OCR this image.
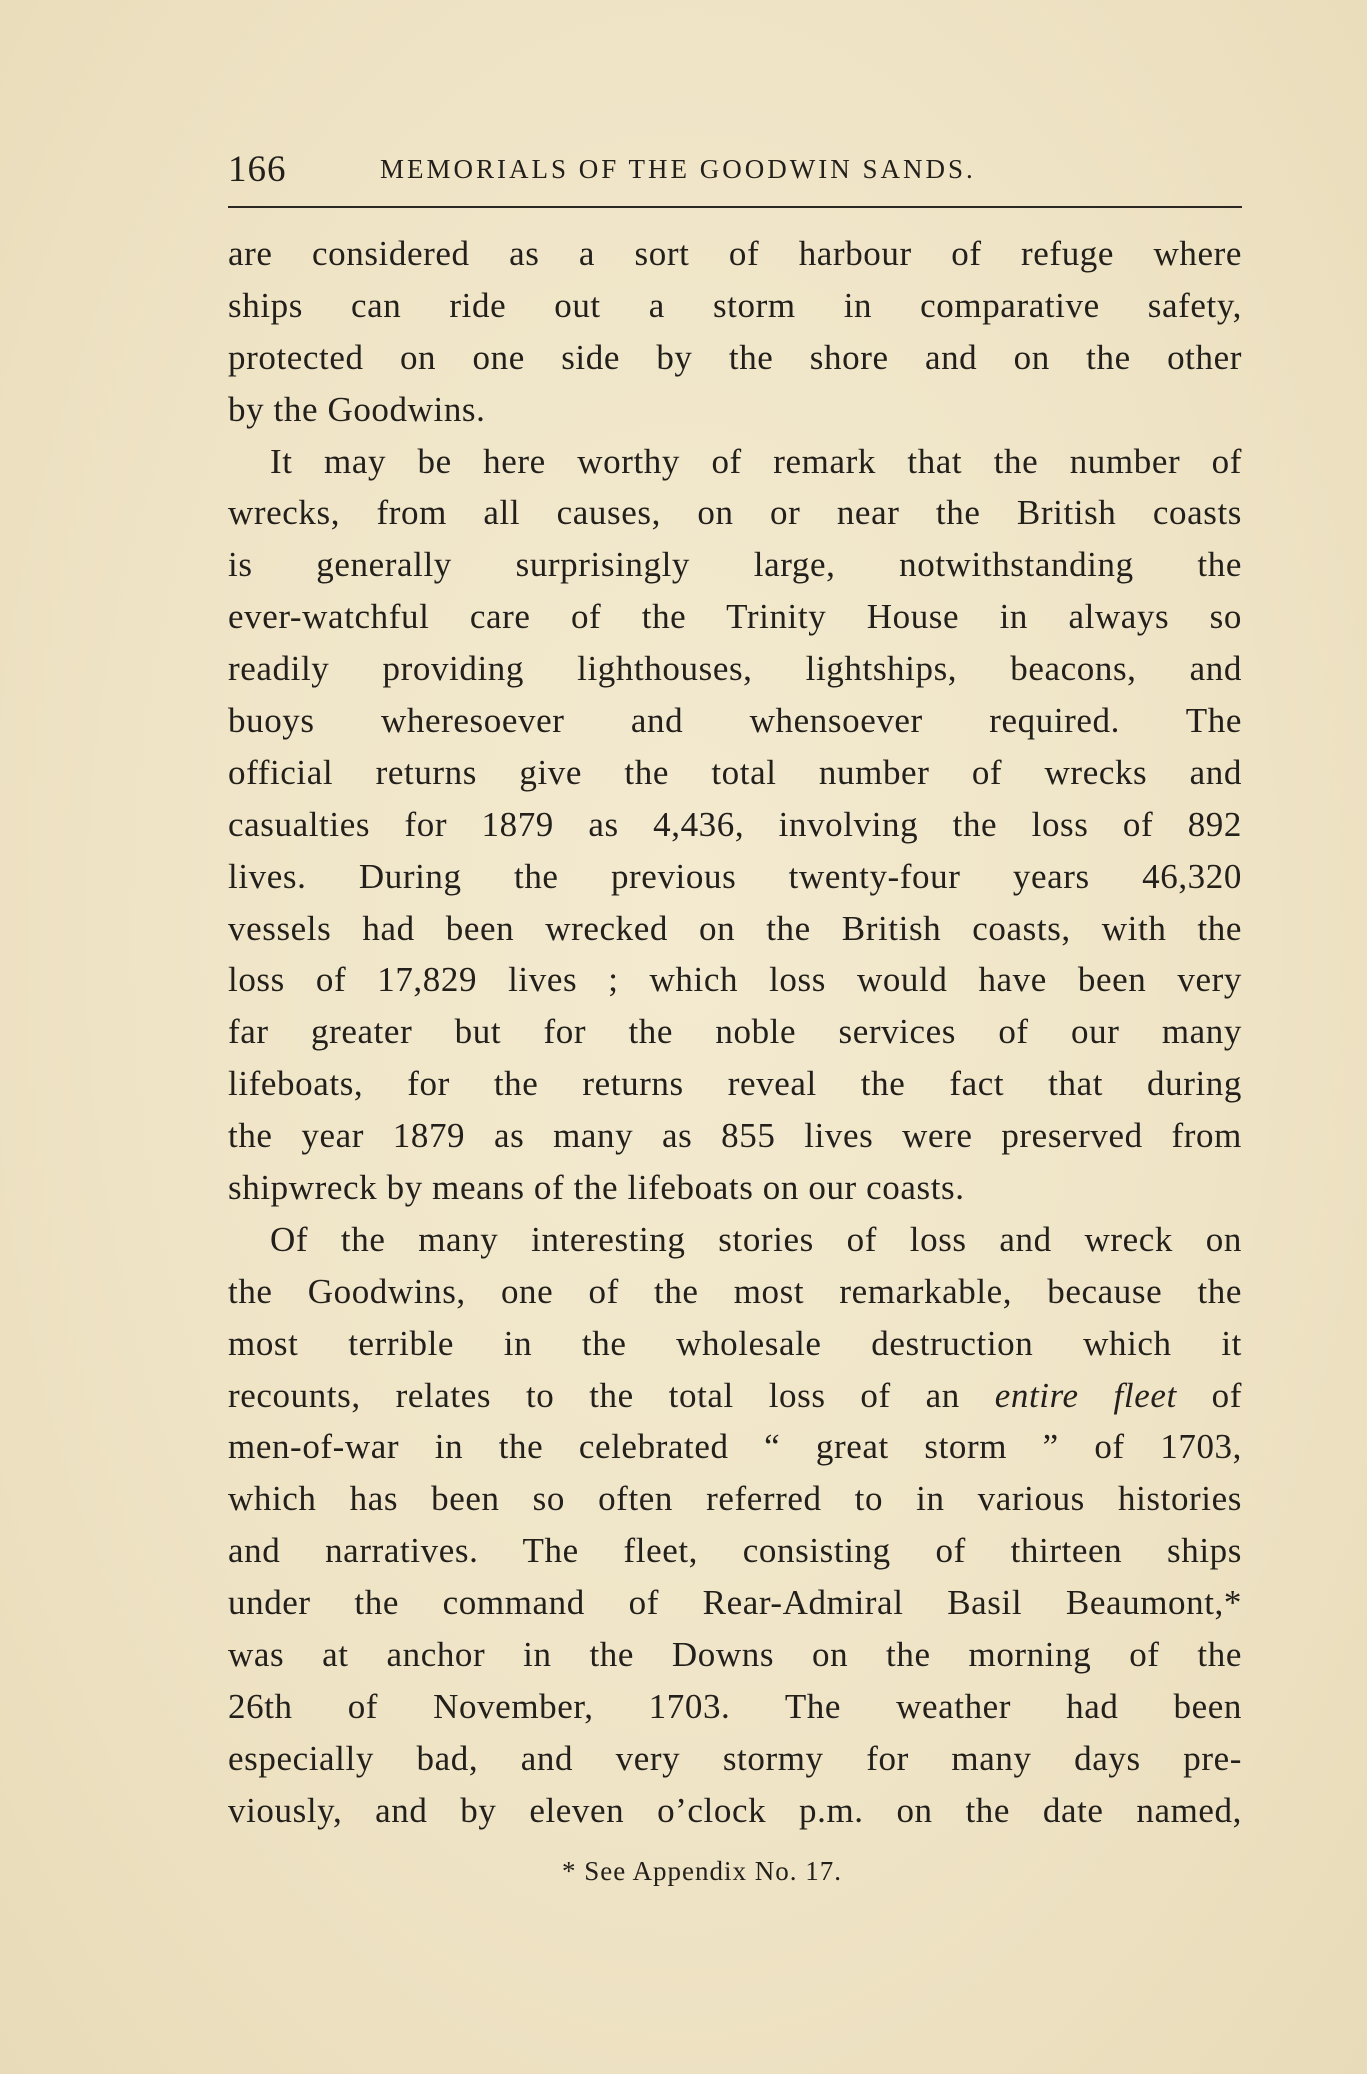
166	MEMORIALS OF THE GOODWIN SANDS.
are considered as a sort of harbour of refuge where
ships can ride out a storm in comparative safety,
protected on one side by the shore and on the other
by the Goodwins.
It may be here worthy of remark that the number of
wrecks, from all causes, on or near the British coasts
is generally surprisingly large, notwithstanding the
ever-watchful care of the Trinity House in always so
readily providing lighthouses, lightships, beacons, and
buoys wheresoever and whensoever required. The
official returns give the total number of wrecks and
casualties for 1879 as 4,436, involving the loss of 892
lives. During the previous twenty-four years 46,320
vessels had been wrecked on the British coasts, with the
loss of 17,829 lives ; which loss would have been very
far greater but for the noble services of our many
lifeboats, for the returns reveal the fact that during
the year 1879 as many as 855 lives were preserved from
shipwreck by means of the lifeboats on our coasts.
Of the many interesting stories of loss and wreck on
the Goodwins, one of the most remarkable, because the
most terrible in the wholesale destruction which it
recounts, relates to the total loss of an entire fleet of
men-of-war in the celebrated “ great storm ” of 1703,
which has been so often referred to in various histories
and narratives. The fleet, consisting of thirteen ships
under the command of Rear-Admiral Basil Beaumont,*
was at anchor in the Downs on the morning of the
26th of November, 1703. The weather had been
especially bad, and very stormy for many days pre-
viously, and by eleven o’clock p.m. on the date named,
* See Appendix No. 17.
